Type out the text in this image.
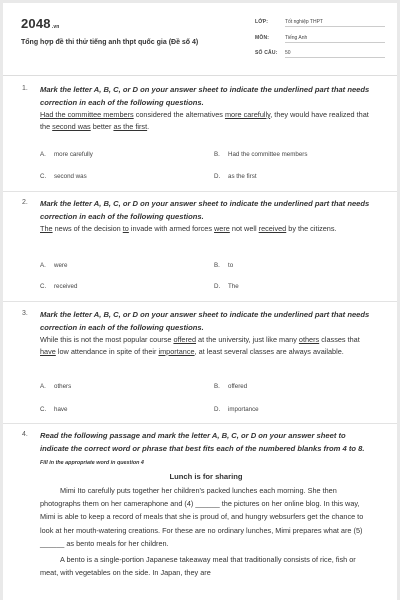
2048.vn
Tổng hợp đề thi thử tiếng anh thpt quốc gia (Đề số 4)
LỚP:	Tốt nghiệp THPT
MÔN:	Tiếng Anh
SỐ CÂU: 50
1. Mark the letter A, B, C, or D on your answer sheet to indicate the underlined part that needs correction in each of the following questions.
Had the committee members considered the alternatives more carefully, they would have realized that the second was better as the first.
A. more carefully	B. Had the committee members
C. second was	D. as the first
2. Mark the letter A, B, C, or D on your answer sheet to indicate the underlined part that needs correction in each of the following questions.
The news of the decision to invade with armed forces were not well received by the citizens.
A. were	B. to
C. received	D. The
3. Mark the letter A, B, C, or D on your answer sheet to indicate the underlined part that needs correction in each of the following questions.
While this is not the most popular course offered at the university, just like many others classes that have low attendance in spite of their importance, at least several classes are always available.
A. others	B. offered
C. have	D. importance
4. Read the following passage and mark the letter A, B, C, or D on your answer sheet to indicate the correct word or phrase that best fits each of the numbered blanks from 4 to 8. Fill in the appropriate word in question 4
Lunch is for sharing
Mimi Ito carefully puts together her children's packed lunches each morning. She then photographs them on her cameraphone and (4) ______ the pictures on her online blog. In this way, Mimi is able to keep a record of meals that she is proud of, and hungry websurfers get the chance to look at her mouth-watering creations. For these are no ordinary lunches, Mimi prepares what are (5) ______ as bento meals for her children.
A bento is a single-portion Japanese takeaway meal that traditionally consists of rice, fish or meat, with vegetables on the side. In Japan, they are
